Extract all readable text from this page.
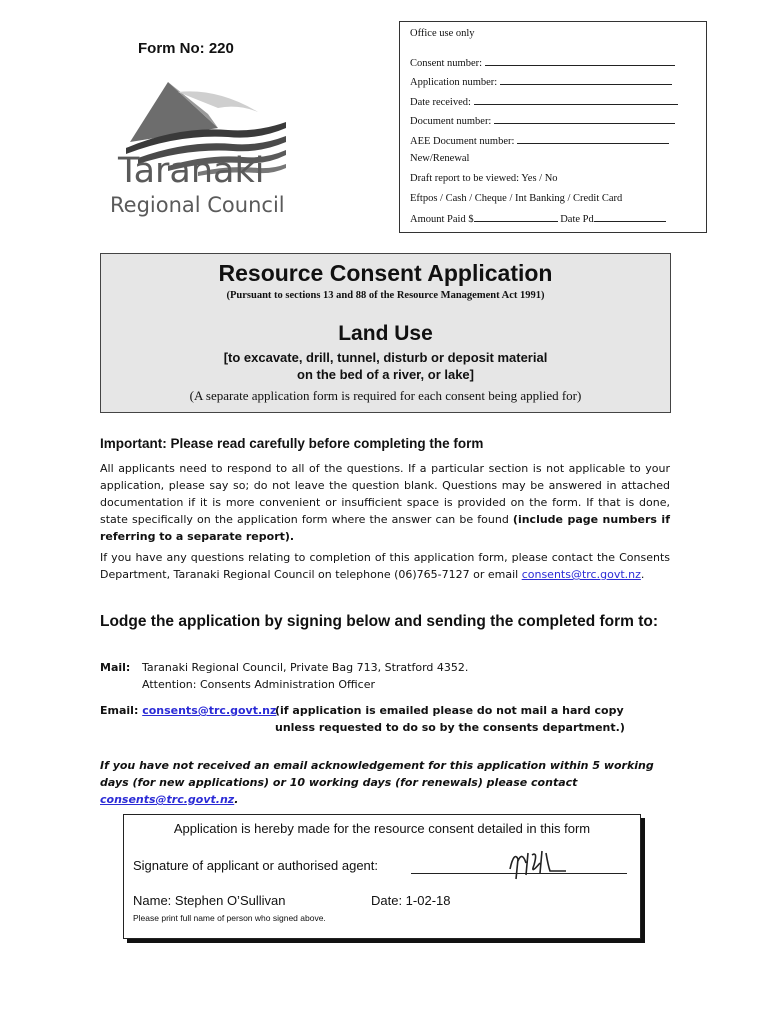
Form No: 220
Taranaki
Regional Council
Office use only
Consent number:
Application number:
Date received:
Document number:
AEE Document number:
New/Renewal
Draft report to be viewed: Yes / No
Eftpos / Cash / Cheque / Int Banking / Credit Card
Amount Paid $	Date Pd
Resource Consent Application
(Pursuant to sections 13 and 88 of the Resource Management Act 1991)
Land Use
[to excavate, drill, tunnel, disturb or deposit material
on the bed of a river, or lake]
(A separate application form is required for each consent being applied for)
Important: Please read carefully before completing the form
All applicants need to respond to all of the questions. If a particular section is not applicable to your application, please say so; do not leave the question blank. Questions may be answered in attached documentation if it is more convenient or insufficient space is provided on the form. If that is done, state specifically on the application form where the answer can be found (include page numbers if referring to a separate report).
If you have any questions relating to completion of this application form, please contact the Consents Department, Taranaki Regional Council on telephone (06)765-7127 or email consents@trc.govt.nz.
Lodge the application by signing below and sending the completed form to:
Mail: Taranaki Regional Council, Private Bag 713, Stratford 4352.
Attention: Consents Administration Officer
Email: consents@trc.govt.nz
(if application is emailed please do not mail a hard copy unless requested to do so by the consents department.)
If you have not received an email acknowledgement for this application within 5 working days (for new applications) or 10 working days (for renewals) please contact consents@trc.govt.nz.
Application is hereby made for the resource consent detailed in this form
Signature of applicant or authorised agent:
Name: Stephen O’Sullivan	Date: 1-02-18
Please print full name of person who signed above.
